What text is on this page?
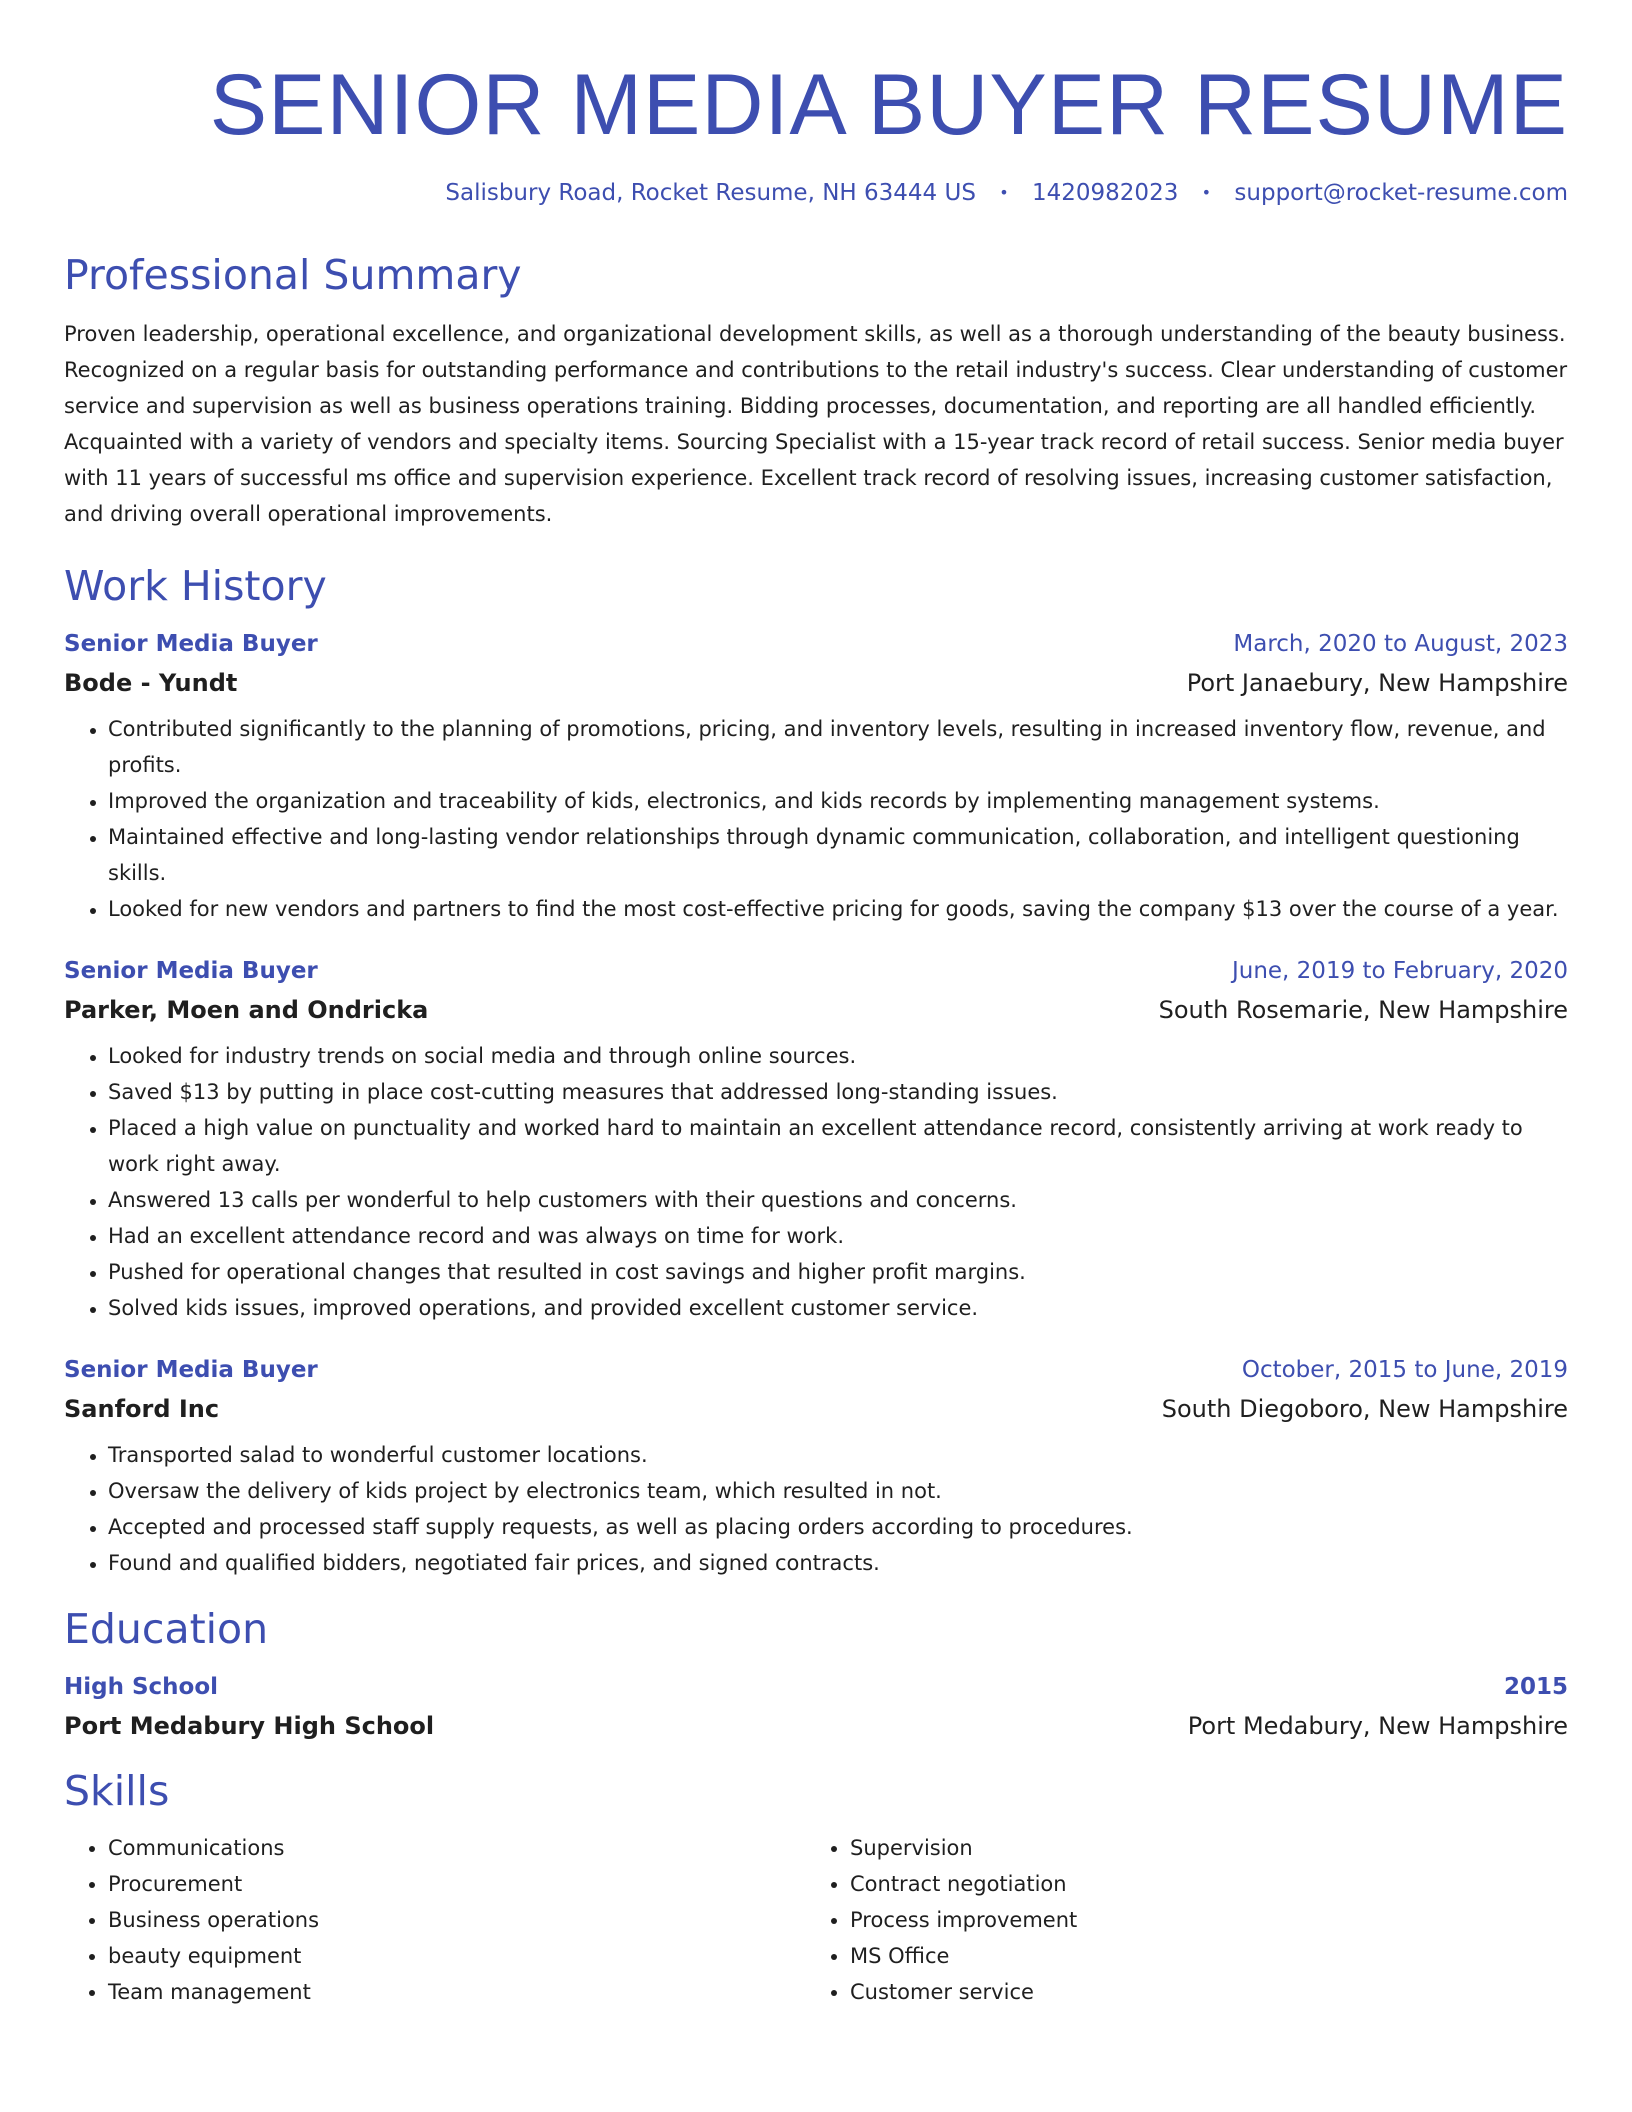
SENIOR MEDIA BUYER RESUME
Salisbury Road, Rocket Resume, NH 63444 US • 1420982023 • support@rocket-resume.com
Professional Summary

Proven leadership, operational excellence, and organizational development skills, as well as a thorough understanding of the beauty business. Recognized on a regular basis for outstanding performance and contributions to the retail industry's success. Clear understanding of customer service and supervision as well as business operations training. Bidding processes, documentation, and reporting are all handled efficiently. Acquainted with a variety of vendors and specialty items. Sourcing Specialist with a 15-year track record of retail success. Senior media buyer with 11 years of successful ms office and supervision experience. Excellent track record of resolving issues, increasing customer satisfaction, and driving overall operational improvements.

Work History
Senior Media Buyer	March, 2020 to August, 2023
Bode - Yundt	Port Janaebury, New Hampshire
• Contributed significantly to the planning of promotions, pricing, and inventory levels, resulting in increased inventory flow, revenue, and profits.
• Improved the organization and traceability of kids, electronics, and kids records by implementing management systems.
• Maintained effective and long-lasting vendor relationships through dynamic communication, collaboration, and intelligent questioning skills.
• Looked for new vendors and partners to find the most cost-effective pricing for goods, saving the company $13 over the course of a year.
Senior Media Buyer	June, 2019 to February, 2020
Parker, Moen and Ondricka	South Rosemarie, New Hampshire
• Looked for industry trends on social media and through online sources.
• Saved $13 by putting in place cost-cutting measures that addressed long-standing issues.
• Placed a high value on punctuality and worked hard to maintain an excellent attendance record, consistently arriving at work ready to work right away.
• Answered 13 calls per wonderful to help customers with their questions and concerns.
• Had an excellent attendance record and was always on time for work.
• Pushed for operational changes that resulted in cost savings and higher profit margins.
• Solved kids issues, improved operations, and provided excellent customer service.
Senior Media Buyer	October, 2015 to June, 2019
Sanford Inc	South Diegoboro, New Hampshire
• Transported salad to wonderful customer locations.
• Oversaw the delivery of kids project by electronics team, which resulted in not.
• Accepted and processed staff supply requests, as well as placing orders according to procedures.
• Found and qualified bidders, negotiated fair prices, and signed contracts.
Education
High School	2015
Port Medabury High School	Port Medabury, New Hampshire
Skills
• Communications
• Procurement
• Business operations
• beauty equipment
• Team management
• Supervision
• Contract negotiation
• Process improvement
• MS Office
• Customer service
